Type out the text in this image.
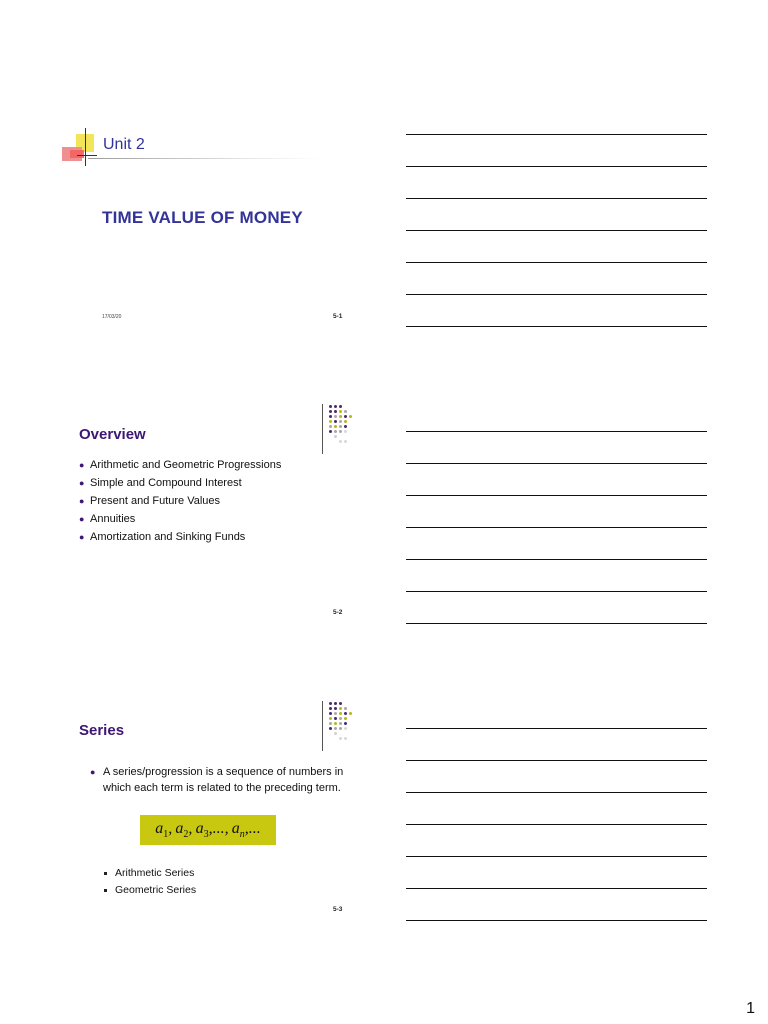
Unit 2
TIME VALUE OF MONEY
17/03/20	5-1
Overview
● Arithmetic and Geometric Progressions
● Simple and Compound Interest
● Present and Future Values
● Annuities
● Amortization and Sinking Funds
5-2
Series
● A series/progression is a sequence of numbers in which each term is related to the preceding term.
$a_1$, $a_2$, $a_3$,..., $a_n$,...
Arithmetic Series
Geometric Series
5-3
1
